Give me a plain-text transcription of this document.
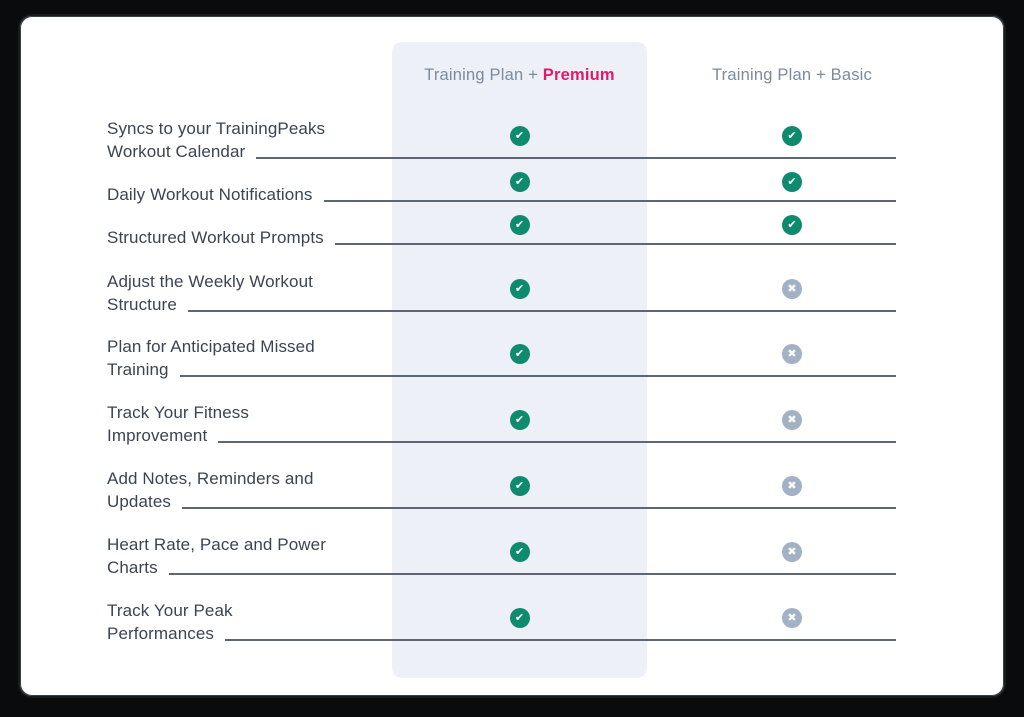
Training Plan + Premium	Training Plan + Basic
Syncs to your TrainingPeaks
Workout Calendar
✔	✔
Daily Workout Notifications
✔	✔
Structured Workout Prompts
✔	✔
Adjust the Weekly Workout
Structure
✔	✖
Plan for Anticipated Missed
Training
✔	✖
Track Your Fitness
Improvement
✔	✖
Add Notes, Reminders and
Updates
✔	✖
Heart Rate, Pace and Power
Charts
✔	✖
Track Your Peak
Performances
✔	✖
